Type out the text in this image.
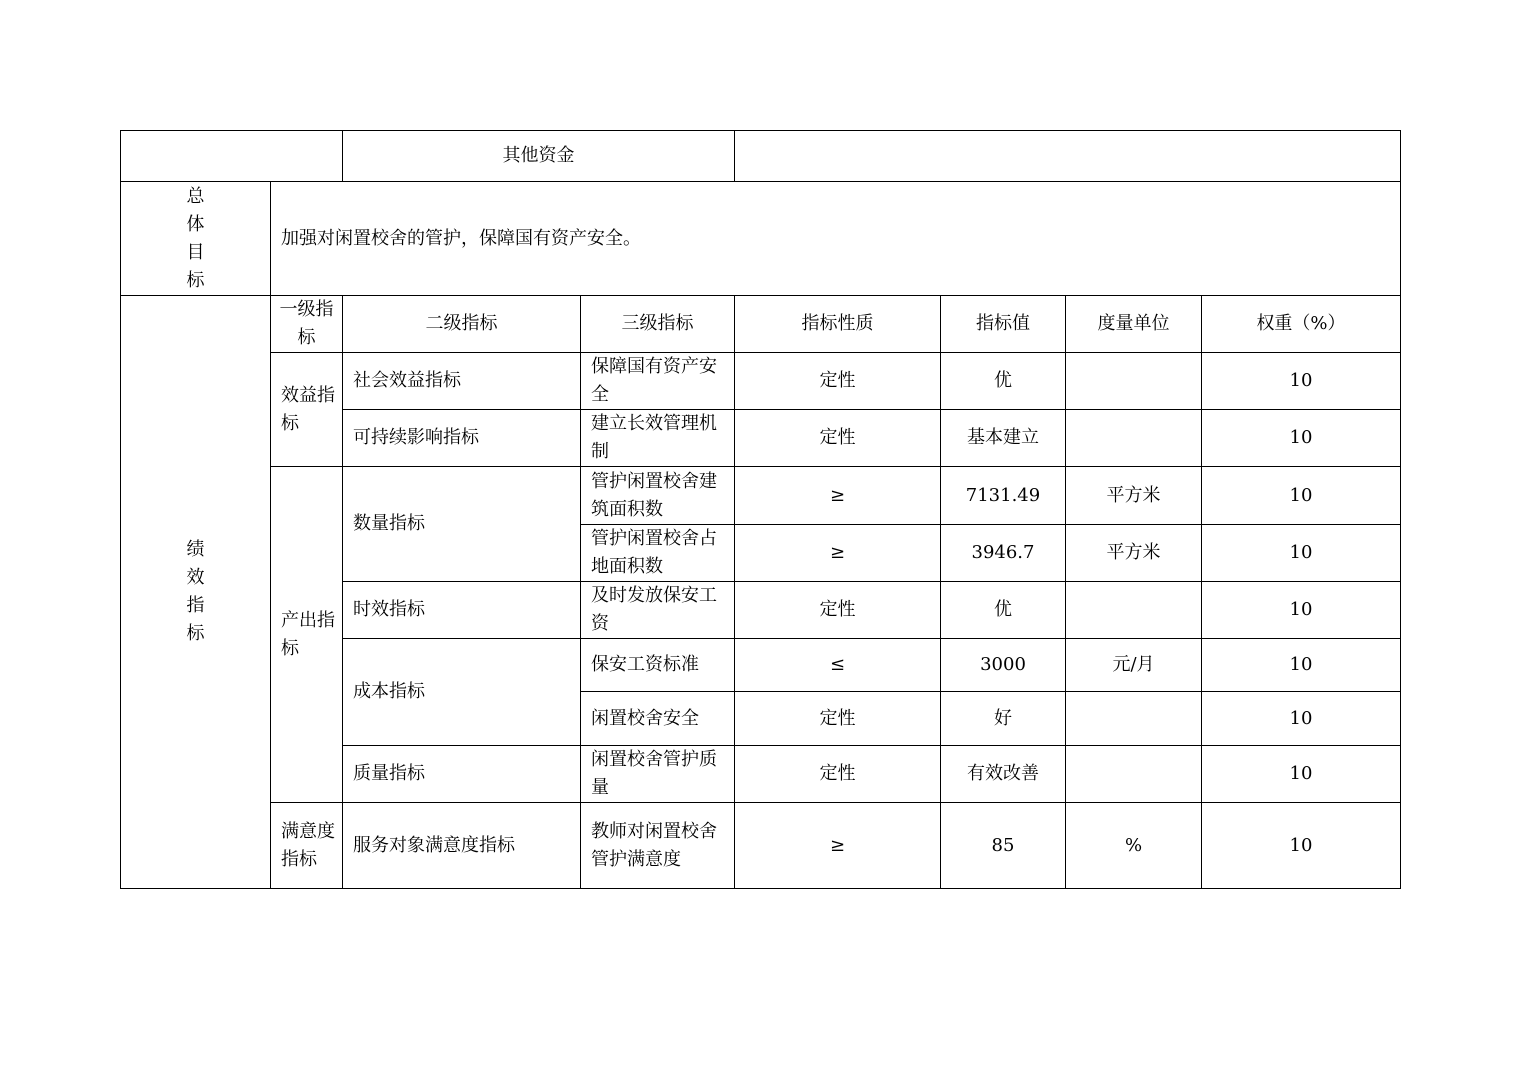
		其他资金					

总
体
目
标	加强对闲置校舍的管护，保障国有资产安全。						

绩
效
指
标	一级指标	二级指标	三级指标	指标性质	指标值	度量单位	权重（%）
	效益指标	社会效益指标	保障国有资产安全	定性	优		10
		可持续影响指标	建立长效管理机制	定性	基本建立		10
	产出指标	数量指标	管护闲置校舍建筑面积数	≥	7131.49	平方米	10
			管护闲置校舍占地面积数	≥	3946.7	平方米	10
		时效指标	及时发放保安工资	定性	优		10
		成本指标	保安工资标准	≤	3000	元/月	10
			闲置校舍安全	定性	好		10
		质量指标	闲置校舍管护质量	定性	有效改善		10
	满意度指标	服务对象满意度指标	教师对闲置校舍管护满意度	≥	85	%	10
